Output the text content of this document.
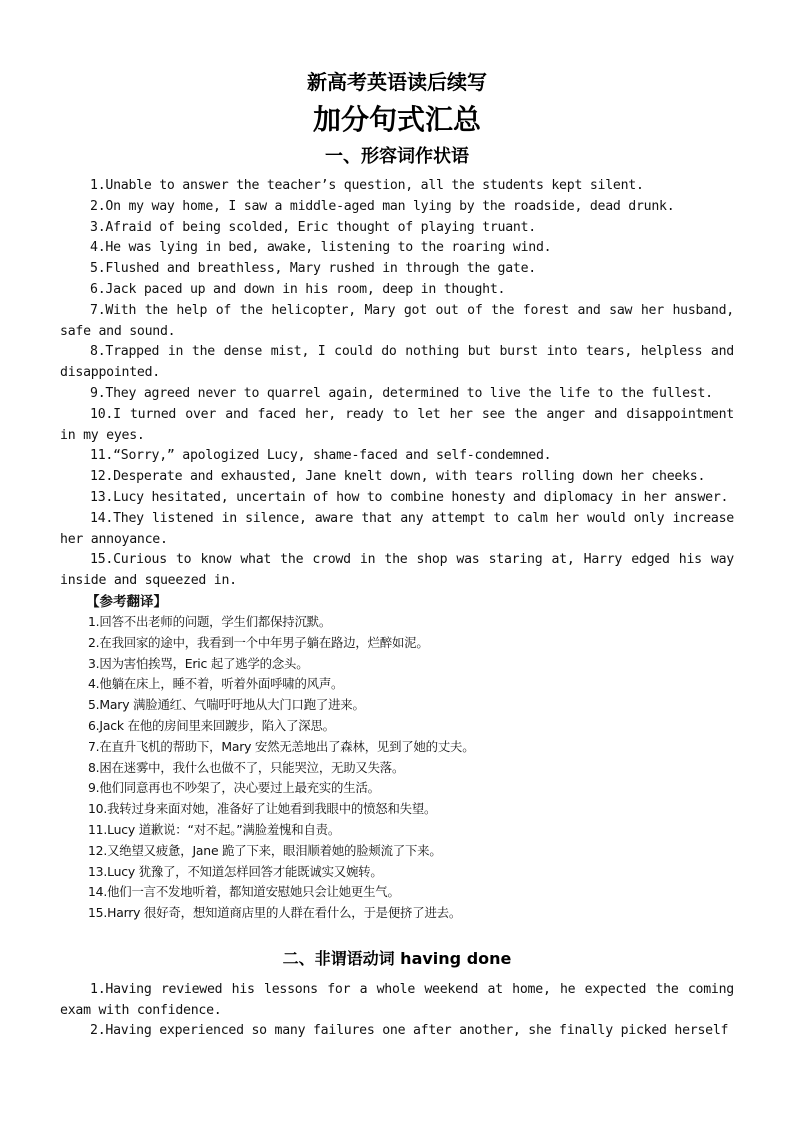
新高考英语读后续写
加分句式汇总
一、形容词作状语

1.Unable to answer the teacher’s question, all the students kept silent.

2.On my way home, I saw a middle-aged man lying by the roadside, dead drunk.

3.Afraid of being scolded, Eric thought of playing truant.

4.He was lying in bed, awake, listening to the roaring wind.

5.Flushed and breathless, Mary rushed in through the gate.

6.Jack paced up and down in his room, deep in thought.

7.With the help of the helicopter, Mary got out of the forest and saw her husband, safe and sound.

8.Trapped in the dense mist, I could do nothing but burst into tears, helpless and disappointed.

9.They agreed never to quarrel again, determined to live the life to the fullest.

10.I turned over and faced her, ready to let her see the anger and disappointment in my eyes.

11.“Sorry,” apologized Lucy, shame-faced and self-condemned.

12.Desperate and exhausted, Jane knelt down, with tears rolling down her cheeks.

13.Lucy hesitated, uncertain of how to combine honesty and diplomacy in her answer.

14.They listened in silence, aware that any attempt to calm her would only increase her annoyance.

15.Curious to know what the crowd in the shop was staring at, Harry edged his way inside and squeezed in.

【参考翻译】

1.回答不出老师的问题，学生们都保持沉默。

2.在我回家的途中，我看到一个中年男子躺在路边，烂醉如泥。

3.因为害怕挨骂，Eric 起了逃学的念头。

4.他躺在床上，睡不着，听着外面呼啸的风声。

5.Mary 满脸通红、气喘吁吁地从大门口跑了进来。

6.Jack 在他的房间里来回踱步，陷入了深思。

7.在直升飞机的帮助下，Mary 安然无恙地出了森林，见到了她的丈夫。

8.困在迷雾中，我什么也做不了，只能哭泣，无助又失落。

9.他们同意再也不吵架了，决心要过上最充实的生活。

10.我转过身来面对她，准备好了让她看到我眼中的愤怒和失望。

11.Lucy 道歉说：“对不起。”满脸羞愧和自责。

12.又绝望又疲惫，Jane 跪了下来，眼泪顺着她的脸颊流了下来。

13.Lucy 犹豫了，不知道怎样回答才能既诚实又婉转。

14.他们一言不发地听着，都知道安慰她只会让她更生气。

15.Harry 很好奇，想知道商店里的人群在看什么，于是便挤了进去。

二、非谓语动词 having done

1.Having reviewed his lessons for a whole weekend at home, he expected the coming exam with confidence.

2.Having experienced so many failures one after another, she finally picked herself
